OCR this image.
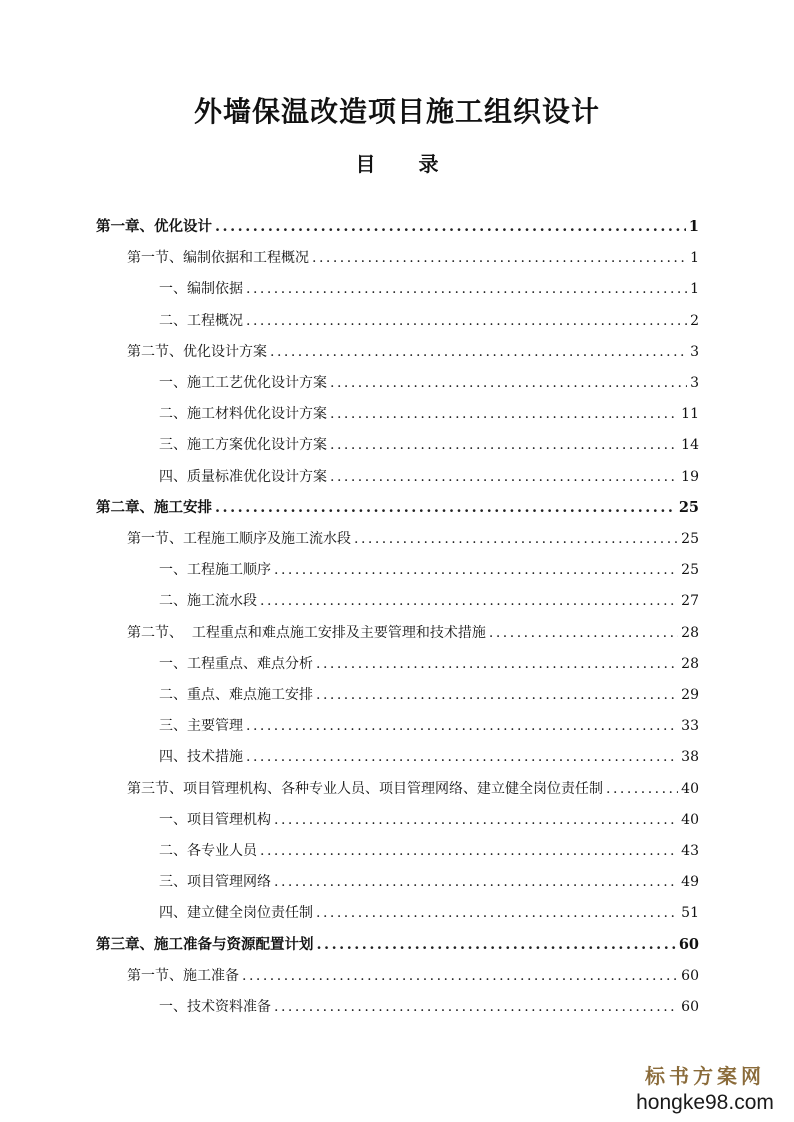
外墙保温改造项目施工组织设计
目 录
第一章、优化设计 .....	1
第一节、编制依据和工程概况 .....	1
一、编制依据 .....	1
二、工程概况 .....	2
第二节、优化设计方案 .....	3
一、施工工艺优化设计方案 .....	3
二、施工材料优化设计方案 .....	11
三、施工方案优化设计方案 .....	14
四、质量标准优化设计方案 .....	19
第二章、施工安排 .....	25
第一节、工程施工顺序及施工流水段 .....	25
一、工程施工顺序 .....	25
二、施工流水段 .....	27
第二节、  工程重点和难点施工安排及主要管理和技术措施 .....	28
一、工程重点、难点分析 .....	28
二、重点、难点施工安排 .....	29
三、主要管理 .....	33
四、技术措施 .....	38
第三节、项目管理机构、各种专业人员、项目管理网络、建立健全岗位责任制 .....	40
一、项目管理机构 .....	40
二、各专业人员 .....	43
三、项目管理网络 .....	49
四、建立健全岗位责任制 .....	51
第三章、施工准备与资源配置计划 .....	60
第一节、施工准备 .....	60
一、技术资料准备 .....	60
标书方案网
hongke98.com
